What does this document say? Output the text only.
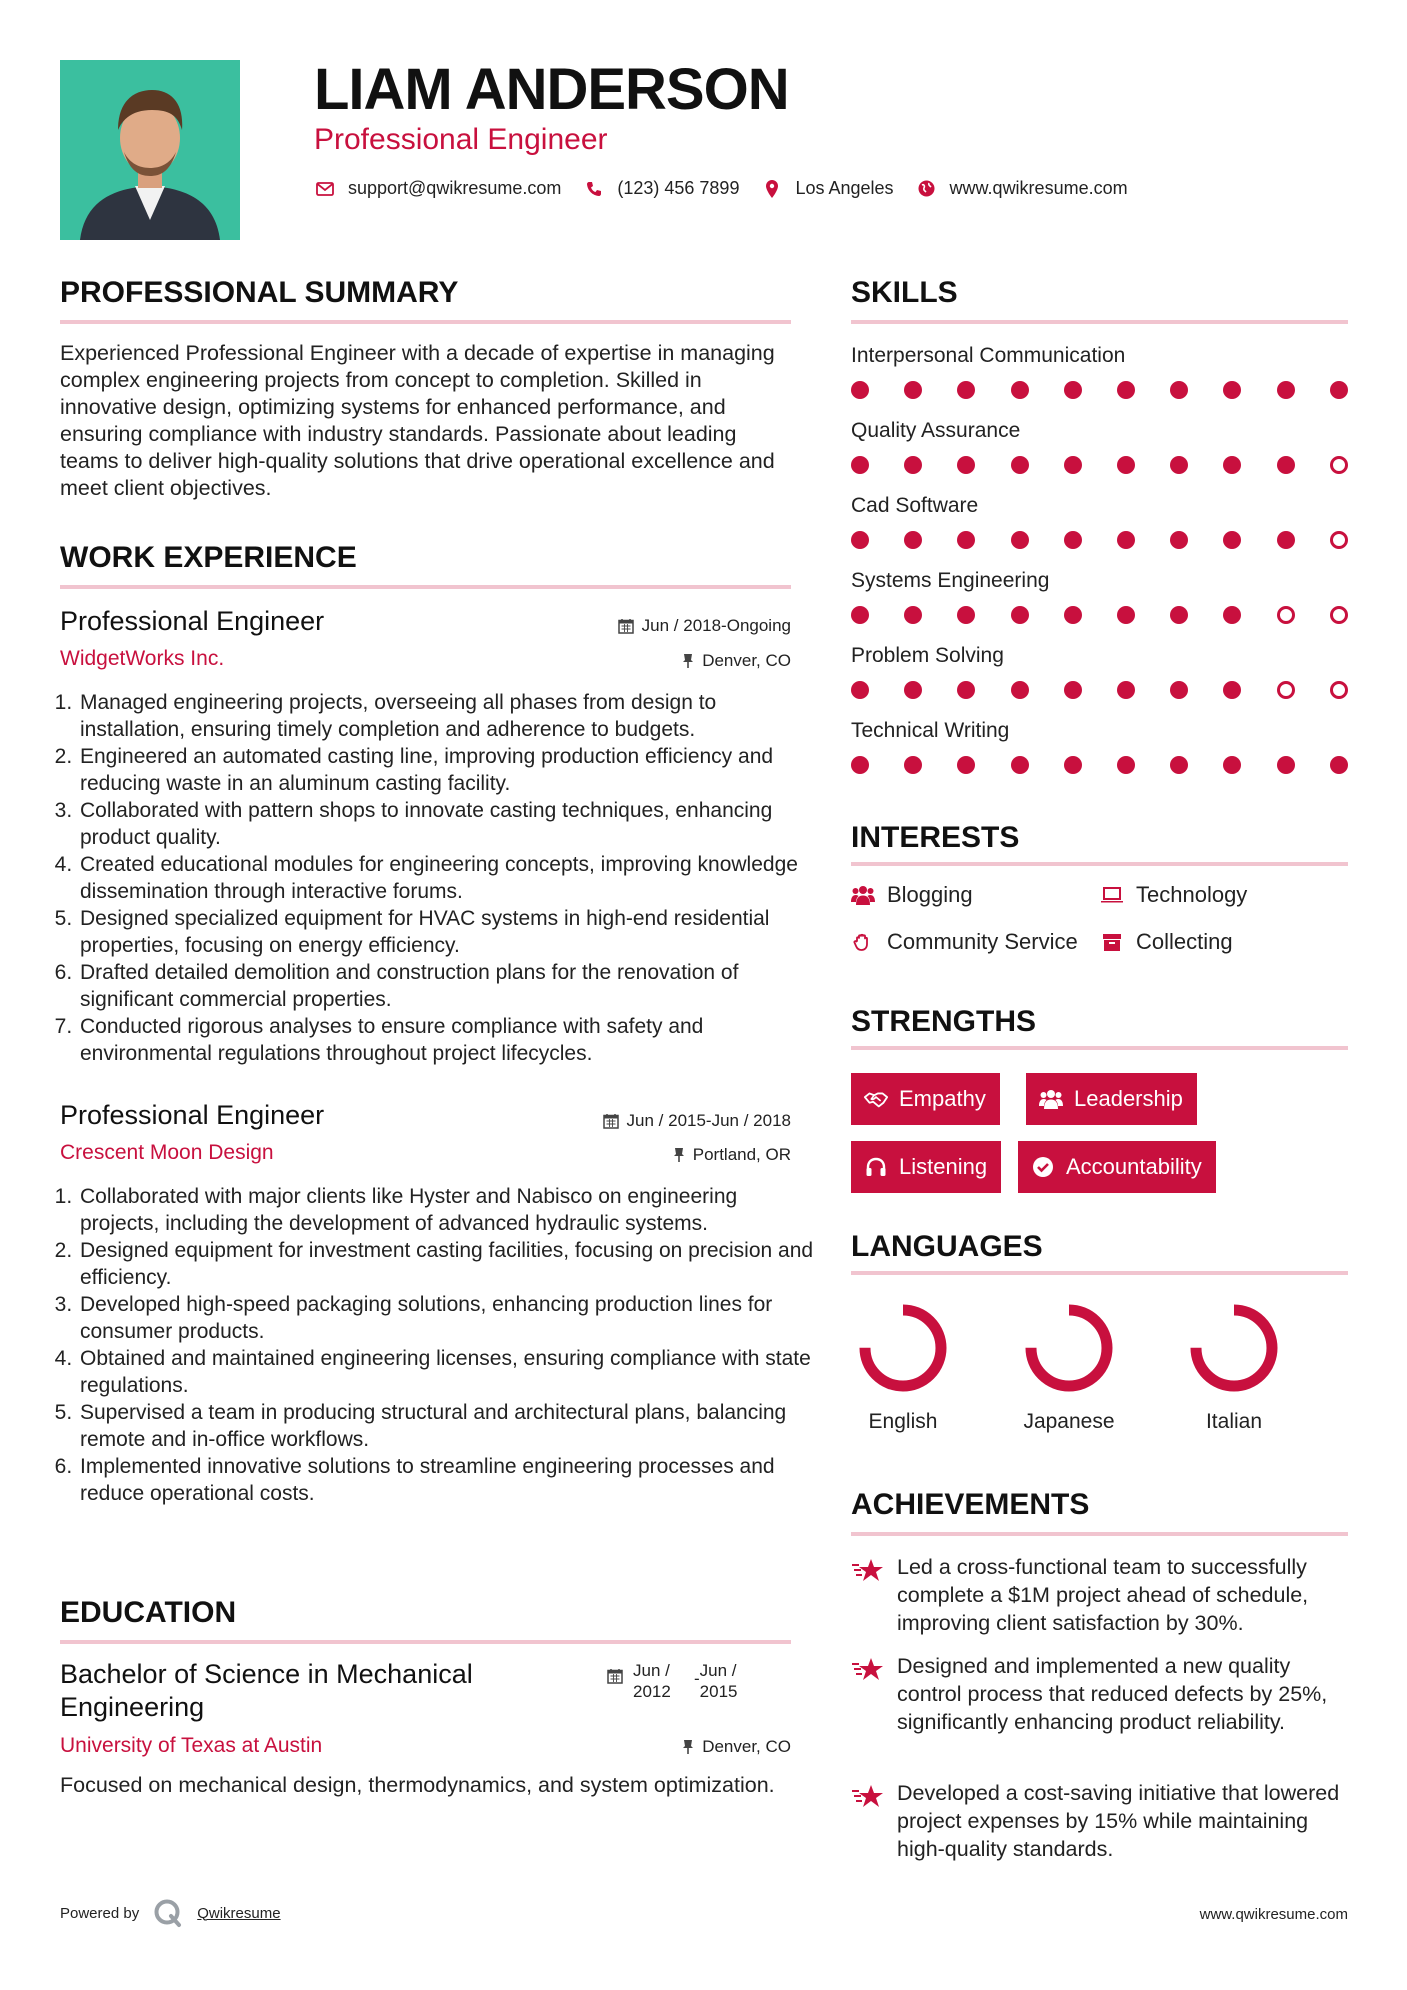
LIAM ANDERSON
Professional Engineer
support@qwikresume.com	(123) 456 7899	Los Angeles	www.qwikresume.com
PROFESSIONAL SUMMARY

Experienced Professional Engineer with a decade of expertise in managing complex engineering projects from concept to completion. Skilled in innovative design, optimizing systems for enhanced performance, and ensuring compliance with industry standards. Passionate about leading teams to deliver high-quality solutions that drive operational excellence and meet client objectives.

WORK EXPERIENCE
Professional Engineer	Jun / 2018-Ongoing
WidgetWorks Inc.	Denver, CO
1. Managed engineering projects, overseeing all phases from design to installation, ensuring timely completion and adherence to budgets.
2. Engineered an automated casting line, improving production efficiency and reducing waste in an aluminum casting facility.
3. Collaborated with pattern shops to innovate casting techniques, enhancing product quality.
4. Created educational modules for engineering concepts, improving knowledge dissemination through interactive forums.
5. Designed specialized equipment for HVAC systems in high-end residential properties, focusing on energy efficiency.
6. Drafted detailed demolition and construction plans for the renovation of significant commercial properties.
7. Conducted rigorous analyses to ensure compliance with safety and environmental regulations throughout project lifecycles.
Professional Engineer	Jun / 2015-Jun / 2018
Crescent Moon Design	Portland, OR
1. Collaborated with major clients like Hyster and Nabisco on engineering projects, including the development of advanced hydraulic systems.
2. Designed equipment for investment casting facilities, focusing on precision and efficiency.
3. Developed high-speed packaging solutions, enhancing production lines for consumer products.
4. Obtained and maintained engineering licenses, ensuring compliance with state regulations.
5. Supervised a team in producing structural and architectural plans, balancing remote and in-office workflows.
6. Implemented innovative solutions to streamline engineering processes and reduce operational costs.
EDUCATION
Bachelor of Science in Mechanical Engineering
Jun / 2012
- Jun / 2015
University of Texas at Austin	Denver, CO

Focused on mechanical design, thermodynamics, and system optimization.

SKILLS
Interpersonal Communication
Quality Assurance
Cad Software
Systems Engineering
Problem Solving
Technical Writing
INTERESTS
Blogging	Technology
Community Service	Collecting
STRENGTHS
Empathy	Leadership
Listening	Accountability
LANGUAGES
English	Japanese	Italian
ACHIEVEMENTS
Led a cross-functional team to successfully complete a $1M project ahead of schedule, improving client satisfaction by 30%.
Designed and implemented a new quality control process that reduced defects by 25%, significantly enhancing product reliability.
Developed a cost-saving initiative that lowered project expenses by 15% while maintaining high-quality standards.
Powered by	Qwikresume	www.qwikresume.com
